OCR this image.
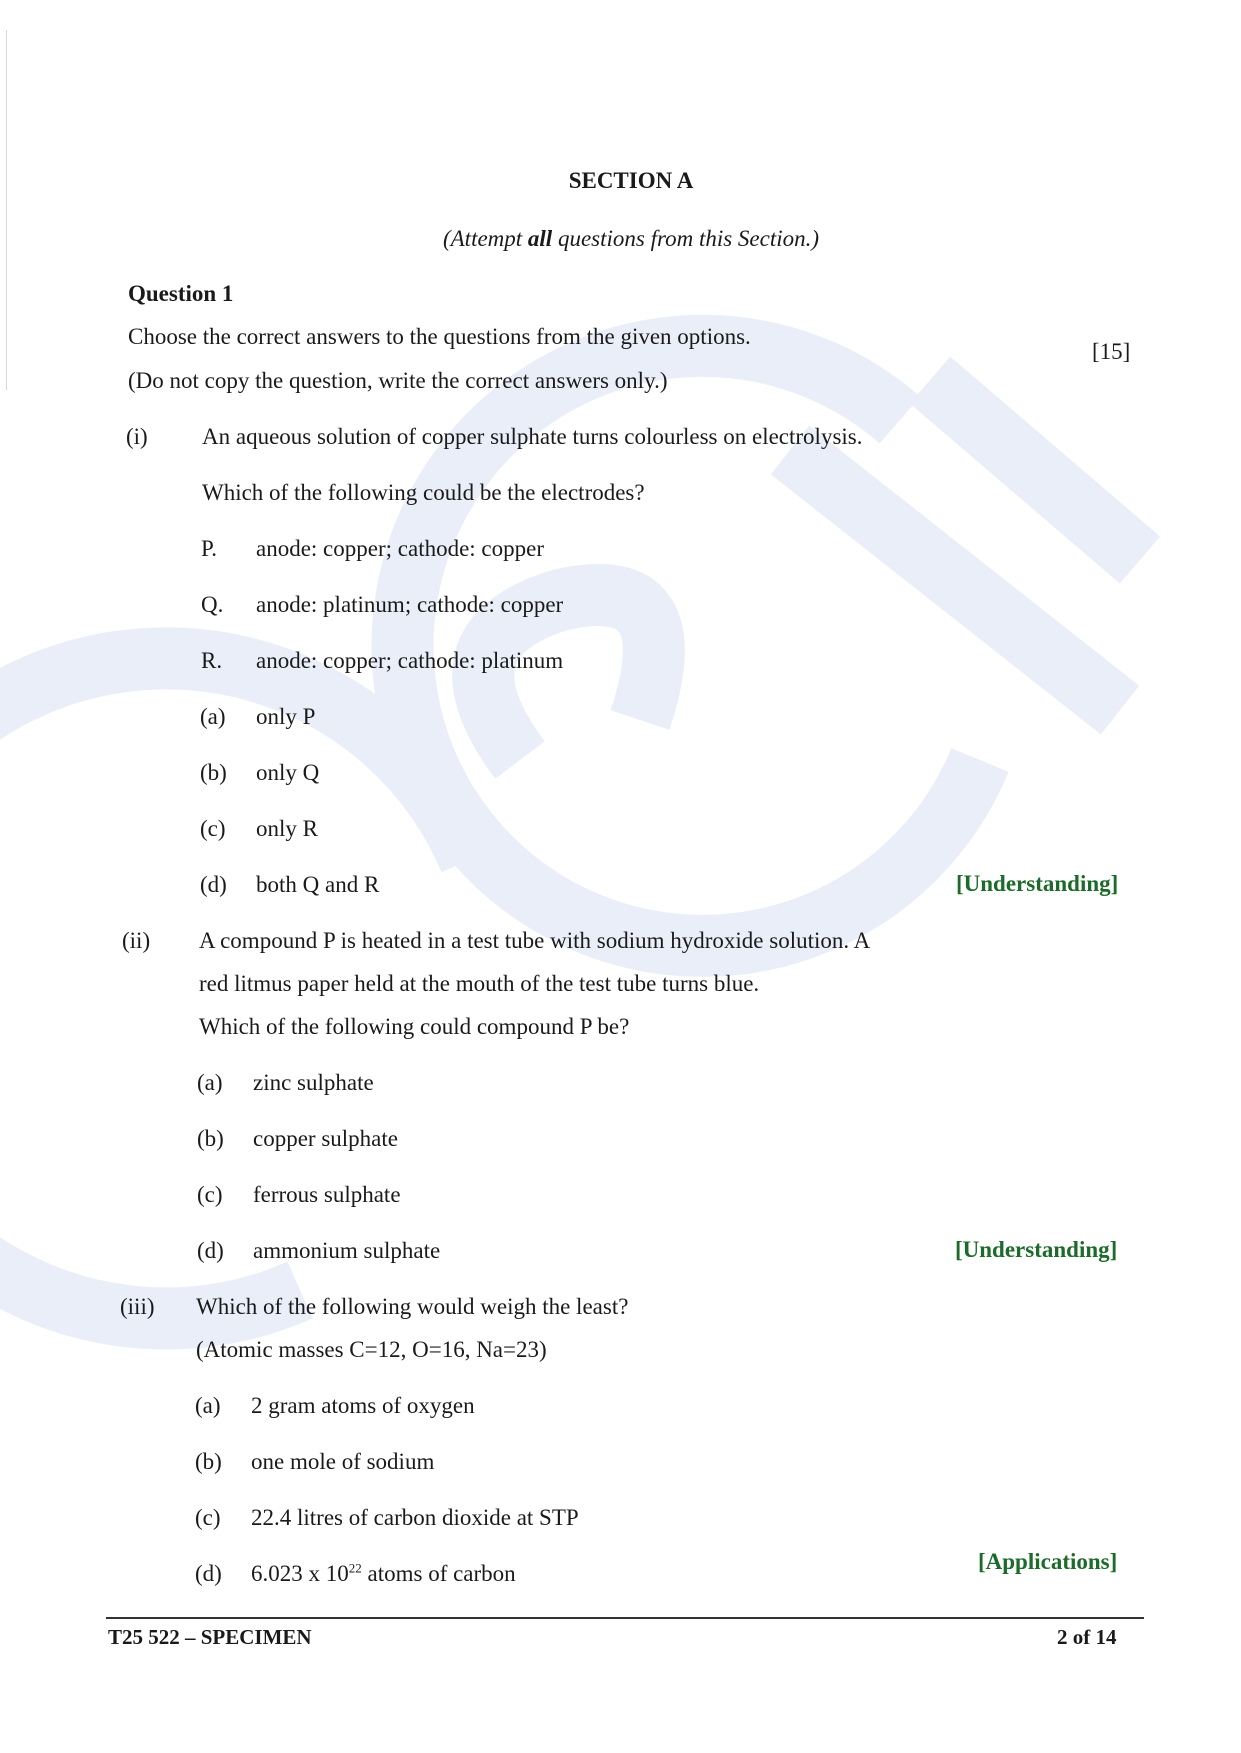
SECTION A
(Attempt all questions from this Section.)
Question 1
Choose the correct answers to the questions from the given options.
[15]
(Do not copy the question, write the correct answers only.)
(i) An aqueous solution of copper sulphate turns colourless on electrolysis.
Which of the following could be the electrodes?
P. anode: copper; cathode: copper
Q. anode: platinum; cathode: copper
R. anode: copper; cathode: platinum
(a) only P
(b) only Q
(c) only R
(d) both Q and R	[Understanding]
(ii) A compound P is heated in a test tube with sodium hydroxide solution. A
red litmus paper held at the mouth of the test tube turns blue.
Which of the following could compound P be?
(a) zinc sulphate
(b) copper sulphate
(c) ferrous sulphate
(d) ammonium sulphate	[Understanding]
(iii) Which of the following would weigh the least?
(Atomic masses C=12, O=16, Na=23)
(a) 2 gram atoms of oxygen
(b) one mole of sodium
(c) 22.4 litres of carbon dioxide at STP
(d) 6.023 x $10^{22}$ atoms of carbon	[Applications]
T25 522 – SPECIMEN	2 of 14
